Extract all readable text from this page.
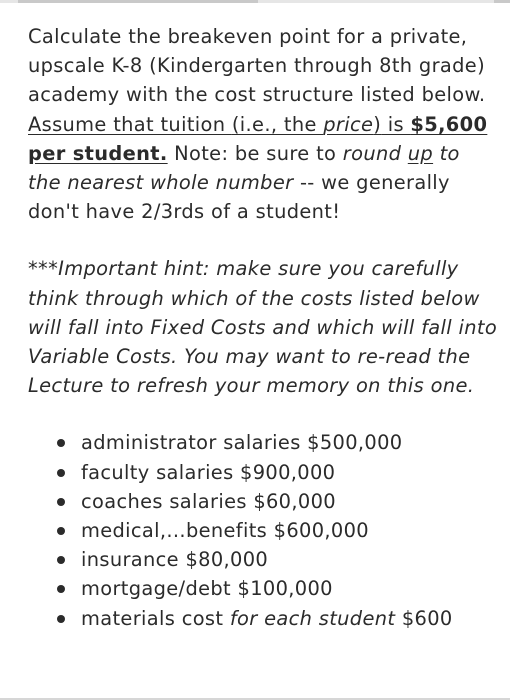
Calculate the breakeven point for a private, upscale K-8 (Kindergarten through 8th grade) academy with the cost structure listed below. Assume that tuition (i.e., the price) is $5,600 per student. Note: be sure to round up to the nearest whole number -- we generally don't have 2/3rds of a student!

***Important hint: make sure you carefully think through which of the costs listed below will fall into Fixed Costs and which will fall into Variable Costs. You may want to re-read the Lecture to refresh your memory on this one.

administrator salaries $500,000
faculty salaries $900,000
coaches salaries $60,000
medical,...benefits $600,000
insurance $80,000
mortgage/debt $100,000
materials cost for each student $600
